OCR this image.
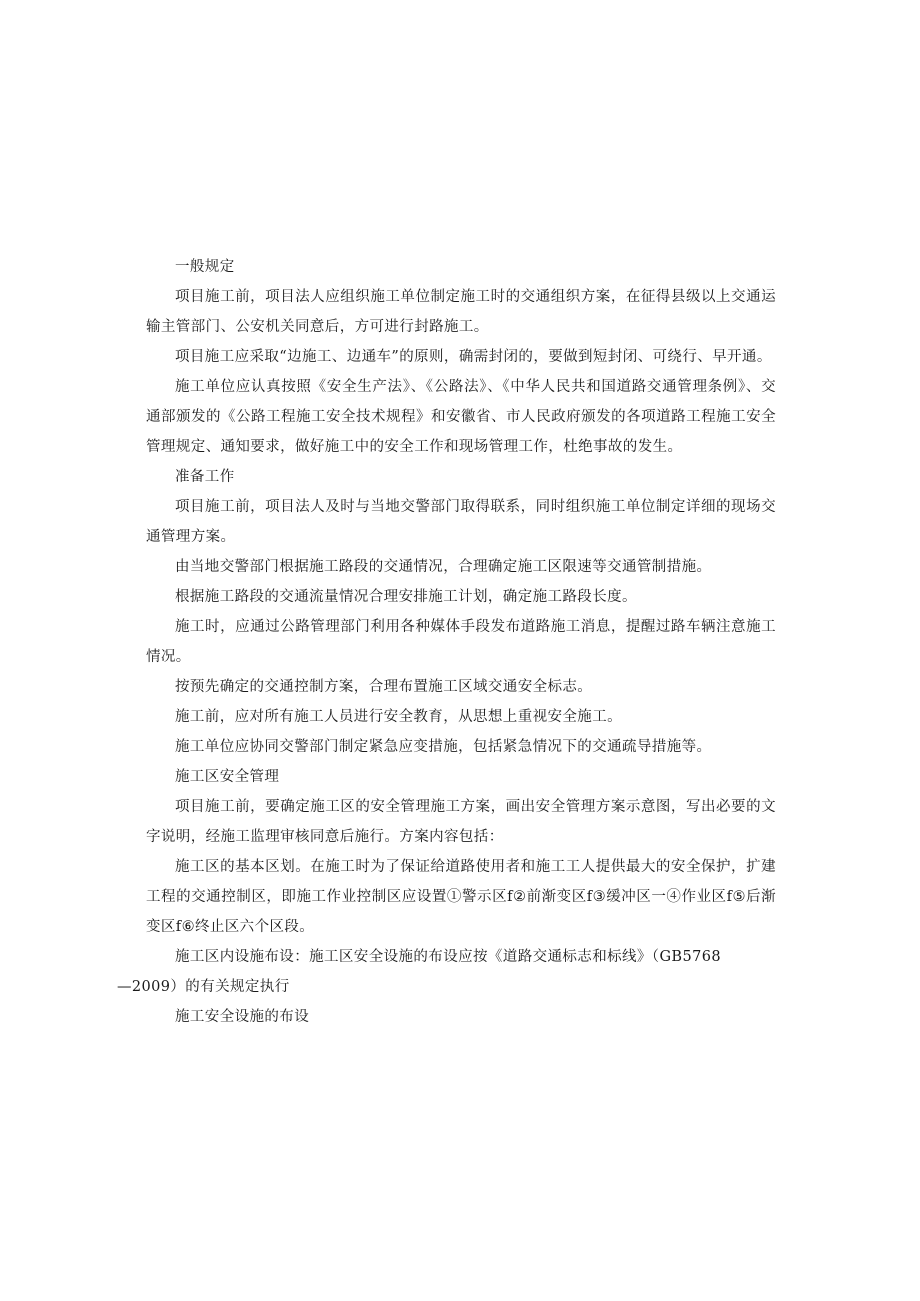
一般规定

项目施工前，项目法人应组织施工单位制定施工时的交通组织方案，在征得县级以上交通运输主管部门、公安机关同意后，方可进行封路施工。

项目施工应采取“边施工、边通车”的原则，确需封闭的，要做到短封闭、可绕行、早开通。

施工单位应认真按照《安全生产法》、《公路法》、《中华人民共和国道路交通管理条例》、交通部颁发的《公路工程施工安全技术规程》和安徽省、市人民政府颁发的各项道路工程施工安全管理规定、通知要求，做好施工中的安全工作和现场管理工作，杜绝事故的发生。

准备工作

项目施工前，项目法人及时与当地交警部门取得联系，同时组织施工单位制定详细的现场交通管理方案。

由当地交警部门根据施工路段的交通情况，合理确定施工区限速等交通管制措施。

根据施工路段的交通流量情况合理安排施工计划，确定施工路段长度。

施工时，应通过公路管理部门利用各种媒体手段发布道路施工消息，提醒过路车辆注意施工情况。

按预先确定的交通控制方案，合理布置施工区域交通安全标志。

施工前，应对所有施工人员进行安全教育，从思想上重视安全施工。

施工单位应协同交警部门制定紧急应变措施，包括紧急情况下的交通疏导措施等。

施工区安全管理

项目施工前，要确定施工区的安全管理施工方案，画出安全管理方案示意图，写出必要的文字说明，经施工监理审核同意后施行。方案内容包括：

施工区的基本区划。在施工时为了保证给道路使用者和施工工人提供最大的安全保护，扩建工程的交通控制区，即施工作业控制区应设置①警示区f②前渐变区f③缓冲区一④作业区f⑤后渐变区f⑥终止区六个区段。

施工区内设施布设：施工区安全设施的布设应按《道路交通标志和标线》（GB5768
—2009）的有关规定执行

施工安全设施的布设
